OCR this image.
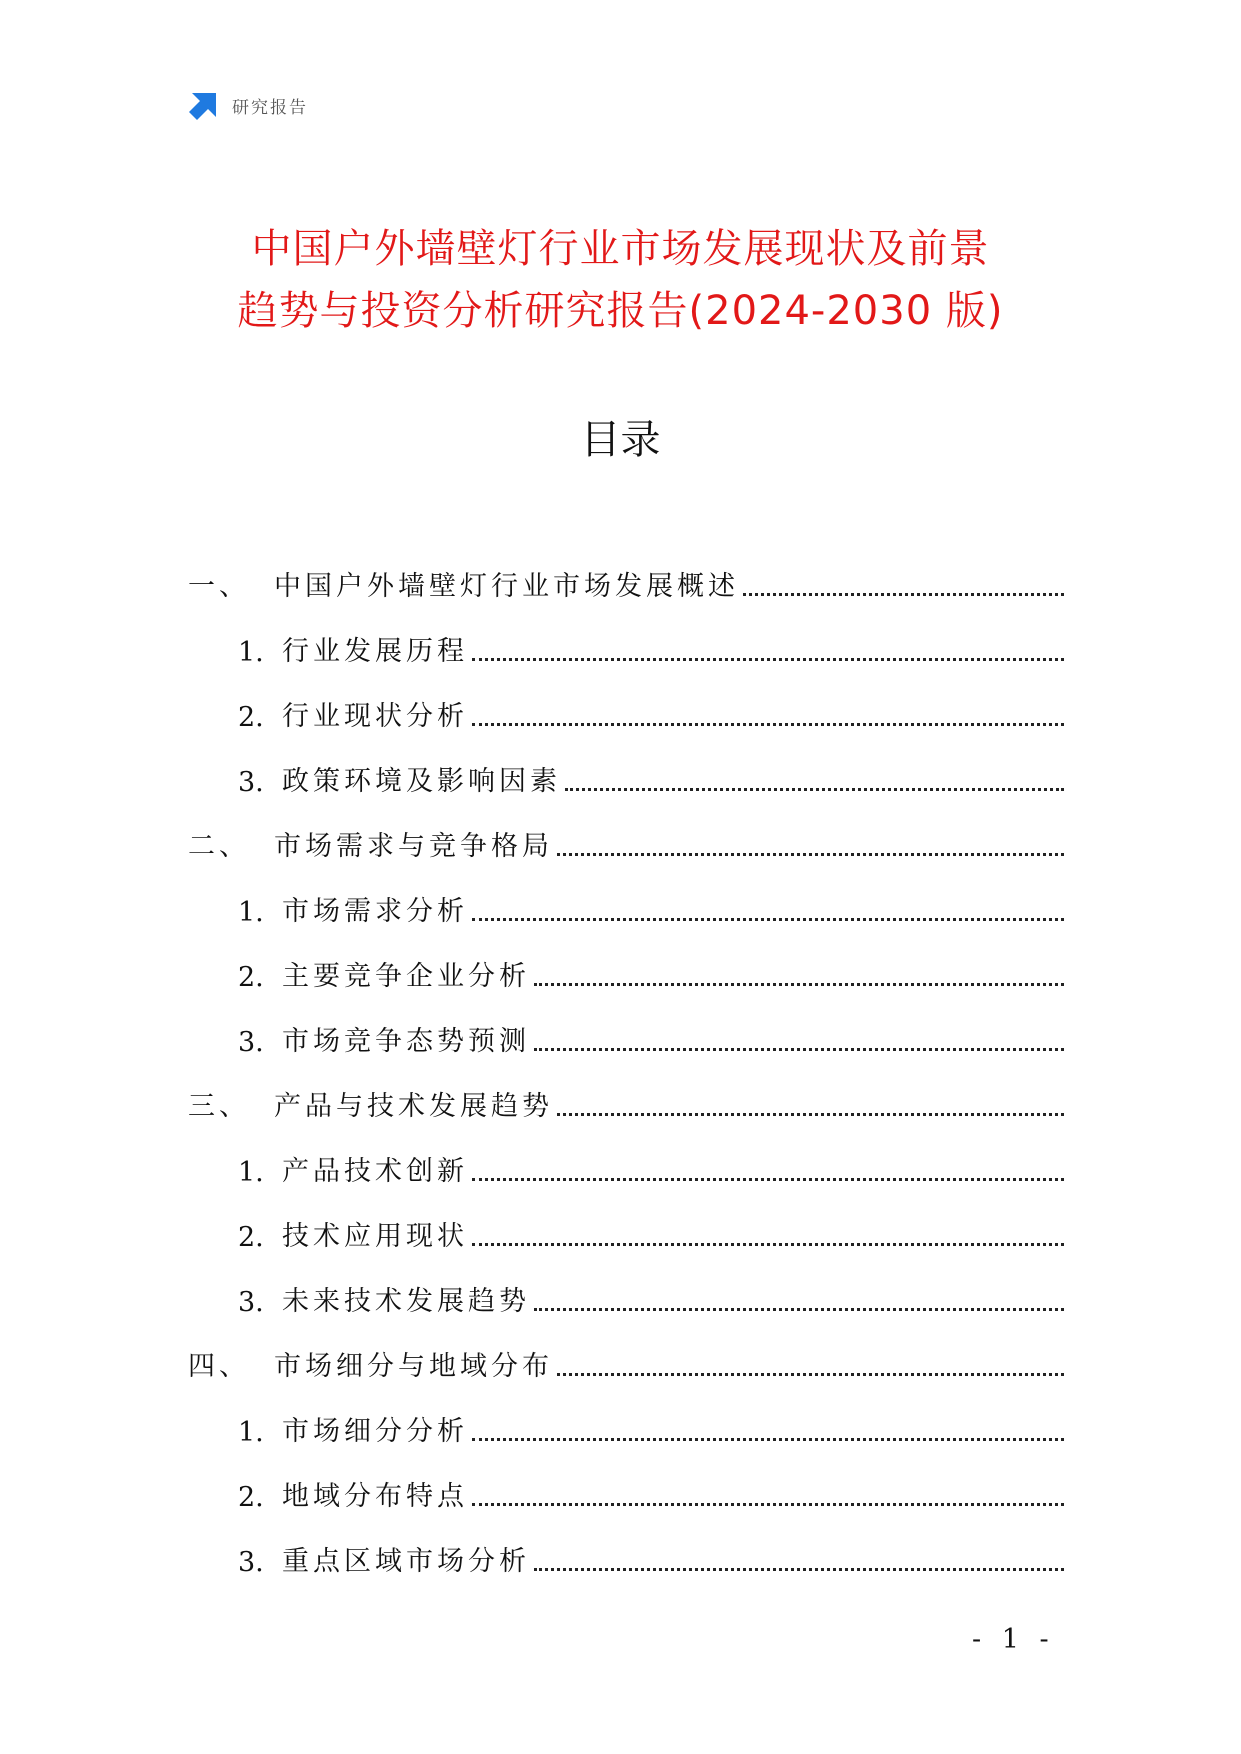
研究报告
中国户外墙壁灯行业市场发展现状及前景
趋势与投资分析研究报告(2024-2030 版)
目录
一、 中国户外墙壁灯行业市场发展概述
1. 行业发展历程
2. 行业现状分析
3. 政策环境及影响因素
二、 市场需求与竞争格局
1. 市场需求分析
2. 主要竞争企业分析
3. 市场竞争态势预测
三、 产品与技术发展趋势
1. 产品技术创新
2. 技术应用现状
3. 未来技术发展趋势
四、 市场细分与地域分布
1. 市场细分分析
2. 地域分布特点
3. 重点区域市场分析
- 1 -
